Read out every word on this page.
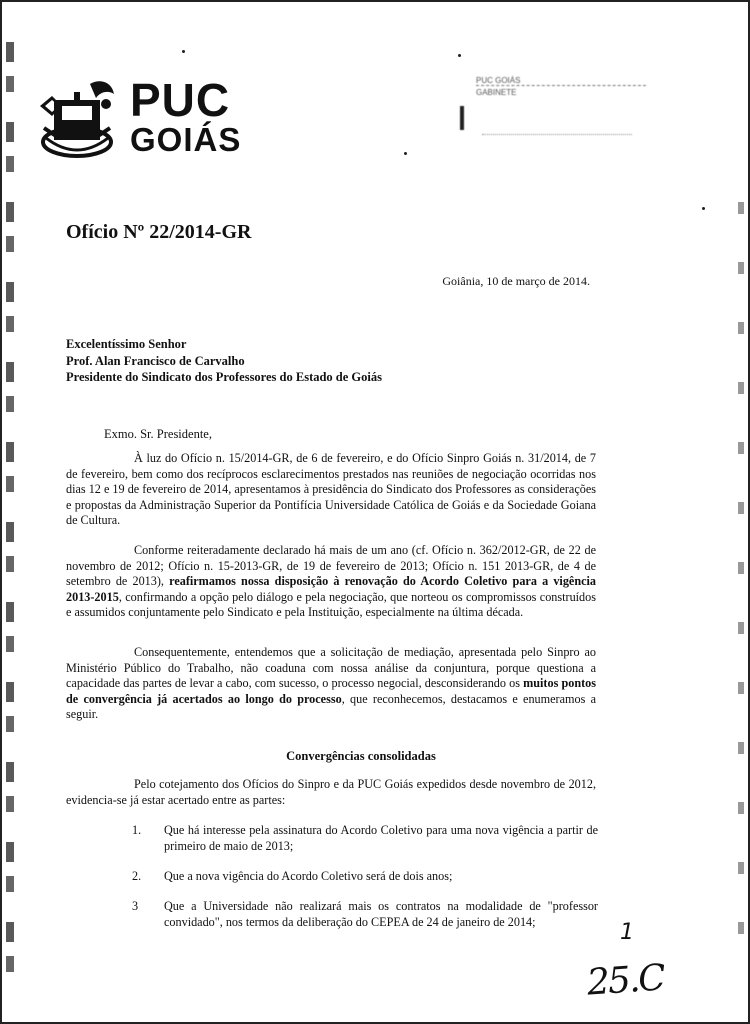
PUC
GOIÁS
PUC GOIÁS
GABINETE
Ofício Nº 22/2014-GR
Goiânia, 10 de março de 2014.
Excelentíssimo Senhor
Prof. Alan Francisco de Carvalho
Presidente do Sindicato dos Professores do Estado de Goiás
Exmo. Sr. Presidente,
À luz do Ofício n. 15/2014-GR, de 6 de fevereiro, e do Ofício Sinpro Goiás n. 31/2014, de 7 de fevereiro, bem como dos recíprocos esclarecimentos prestados nas reuniões de negociação ocorridas nos dias 12 e 19 de fevereiro de 2014, apresentamos à presidência do Sindicato dos Professores as considerações e propostas da Administração Superior da Pontifícia Universidade Católica de Goiás e da Sociedade Goiana de Cultura.
Conforme reiteradamente declarado há mais de um ano (cf. Ofício n. 362/2012-GR, de 22 de novembro de 2012; Ofício n. 15-2013-GR, de 19 de fevereiro de 2013; Ofício n. 151 2013-GR, de 4 de setembro de 2013), reafirmamos nossa disposição à renovação do Acordo Coletivo para a vigência 2013-2015, confirmando a opção pelo diálogo e pela negociação, que norteou os compromissos construídos e assumidos conjuntamente pelo Sindicato e pela Instituição, especialmente na última década.
Consequentemente, entendemos que a solicitação de mediação, apresentada pelo Sinpro ao Ministério Público do Trabalho, não coaduna com nossa análise da conjuntura, porque questiona a capacidade das partes de levar a cabo, com sucesso, o processo negocial, desconsiderando os muitos pontos de convergência já acertados ao longo do processo, que reconhecemos, destacamos e enumeramos a seguir.
Convergências consolidadas
Pelo cotejamento dos Ofícios do Sinpro e da PUC Goiás expedidos desde novembro de 2012, evidencia-se já estar acertado entre as partes:
1.	Que há interesse pela assinatura do Acordo Coletivo para uma nova vigência a partir de primeiro de maio de 2013;
2.	Que a nova vigência do Acordo Coletivo será de dois anos;
3	Que a Universidade não realizará mais os contratos na modalidade de "professor convidado", nos termos da deliberação do CEPEA de 24 de janeiro de 2014;	1
25.C
